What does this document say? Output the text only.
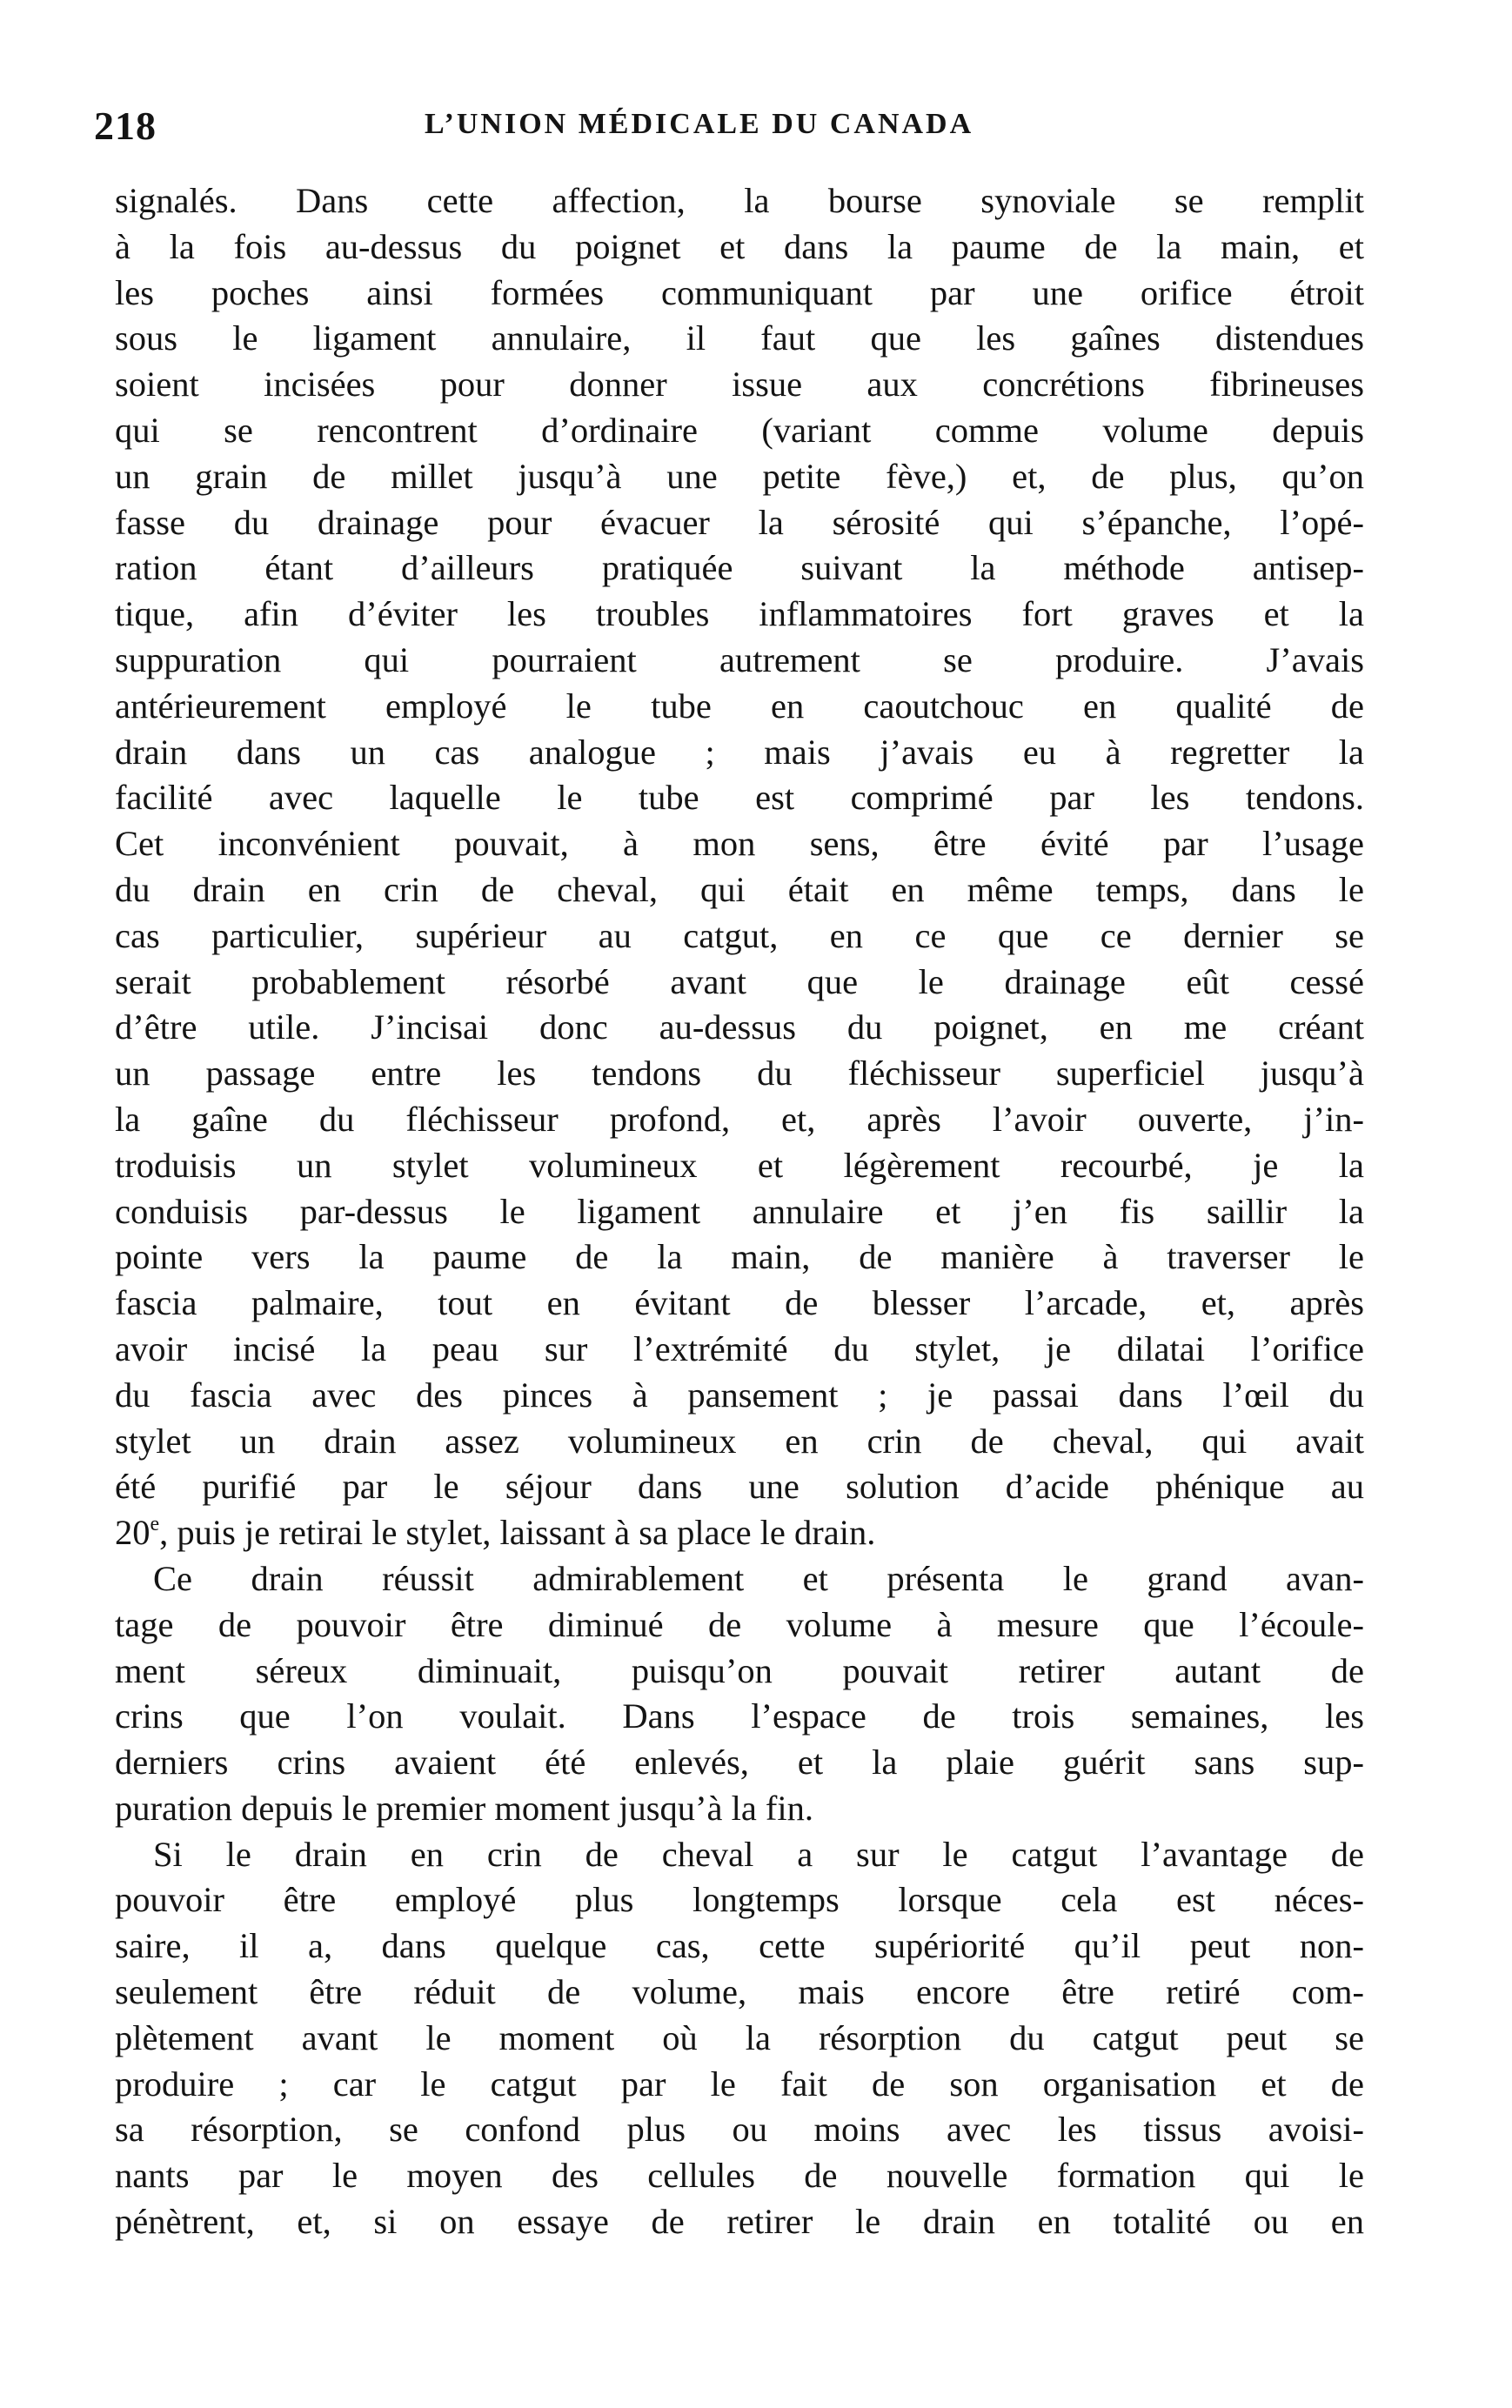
218	L’UNION MÉDICALE DU CANADA
signalés. Dans cette affection, la bourse synoviale se remplit
à la fois au-dessus du poignet et dans la paume de la main, et
les poches ainsi formées communiquant par une orifice étroit
sous le ligament annulaire, il faut que les gaînes distendues
soient incisées pour donner issue aux concrétions fibrineuses
qui se rencontrent d’ordinaire (variant comme volume depuis
un grain de millet jusqu’à une petite fève,) et, de plus, qu’on
fasse du drainage pour évacuer la sérosité qui s’épanche, l’opé-
ration étant d’ailleurs pratiquée suivant la méthode antisep-
tique, afin d’éviter les troubles inflammatoires fort graves et la
suppuration qui pourraient autrement se produire. J’avais
antérieurement employé le tube en caoutchouc en qualité de
drain dans un cas analogue ; mais j’avais eu à regretter la
facilité avec laquelle le tube est comprimé par les tendons.
Cet inconvénient pouvait, à mon sens, être évité par l’usage
du drain en crin de cheval, qui était en même temps, dans le
cas particulier, supérieur au catgut, en ce que ce dernier se
serait probablement résorbé avant que le drainage eût cessé
d’être utile. J’incisai donc au-dessus du poignet, en me créant
un passage entre les tendons du fléchisseur superficiel jusqu’à
la gaîne du fléchisseur profond, et, après l’avoir ouverte, j’in-
troduisis un stylet volumineux et légèrement recourbé, je la
conduisis par-dessus le ligament annulaire et j’en fis saillir la
pointe vers la paume de la main, de manière à traverser le
fascia palmaire, tout en évitant de blesser l’arcade, et, après
avoir incisé la peau sur l’extrémité du stylet, je dilatai l’orifice
du fascia avec des pinces à pansement ; je passai dans l’œil du
stylet un drain assez volumineux en crin de cheval, qui avait
été purifié par le séjour dans une solution d’acide phénique au
20e, puis je retirai le stylet, laissant à sa place le drain.
Ce drain réussit admirablement et présenta le grand avan-
tage de pouvoir être diminué de volume à mesure que l’écoule-
ment séreux diminuait, puisqu’on pouvait retirer autant de
crins que l’on voulait. Dans l’espace de trois semaines, les
derniers crins avaient été enlevés, et la plaie guérit sans sup-
puration depuis le premier moment jusqu’à la fin.
Si le drain en crin de cheval a sur le catgut l’avantage de
pouvoir être employé plus longtemps lorsque cela est néces-
saire, il a, dans quelque cas, cette supériorité qu’il peut non-
seulement être réduit de volume, mais encore être retiré com-
plètement avant le moment où la résorption du catgut peut se
produire ; car le catgut par le fait de son organisation et de
sa résorption, se confond plus ou moins avec les tissus avoisi-
nants par le moyen des cellules de nouvelle formation qui le
pénètrent, et, si on essaye de retirer le drain en totalité ou en
